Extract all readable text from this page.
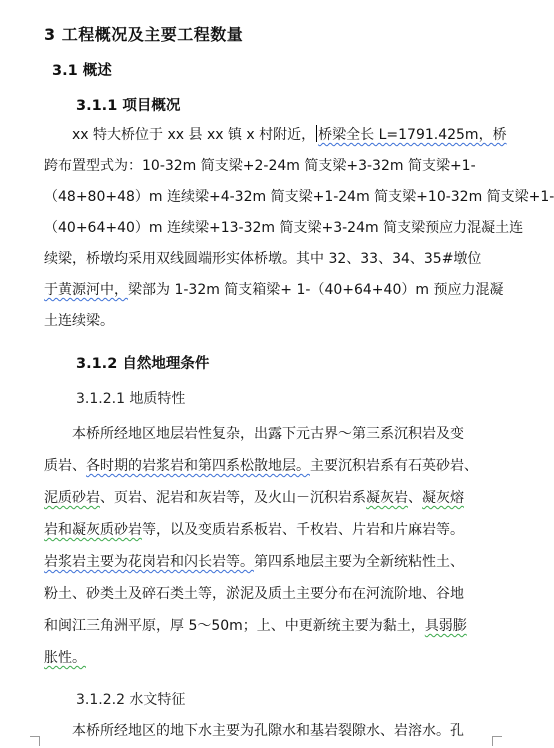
3 工程概况及主要工程数量
3.1 概述
3.1.1 项目概况
xx 特大桥位于 xx 县 xx 镇 x 村附近， 桥梁全长 L=1791.425m，桥
跨布置型式为：10-32m 简支梁+2-24m 简支梁+3-32m 简支梁+1-
（48+80+48）m 连续梁+4-32m 简支梁+1-24m 简支梁+10-32m 简支梁+1-
（40+64+40）m 连续梁+13-32m 简支梁+3-24m 简支梁预应力混凝土连
续梁，桥墩均采用双线圆端形实体桥墩。其中 32、33、34、35#墩位
于黄源河中，梁部为 1-32m 简支箱梁+ 1-（40+64+40）m 预应力混凝
土连续梁。
3.1.2 自然地理条件
3.1.2.1 地质特性
本桥所经地区地层岩性复杂，出露下元古界～第三系沉积岩及变
质岩、各时期的岩浆岩和第四系松散地层。主要沉积岩系有石英砂岩、
泥质砂岩、页岩、泥岩和灰岩等，及火山－沉积岩系凝灰岩、凝灰熔
岩和凝灰质砂岩等，以及变质岩系板岩、千枚岩、片岩和片麻岩等。
岩浆岩主要为花岗岩和闪长岩等。第四系地层主要为全新统粘性土、
粉土、砂类土及碎石类土等，淤泥及质土主要分布在河流阶地、谷地
和闽江三角洲平原，厚 5～50m；上、中更新统主要为黏土，具弱膨
胀性。
3.1.2.2 水文特征
本桥所经地区的地下水主要为孔隙水和基岩裂隙水、岩溶水。孔
